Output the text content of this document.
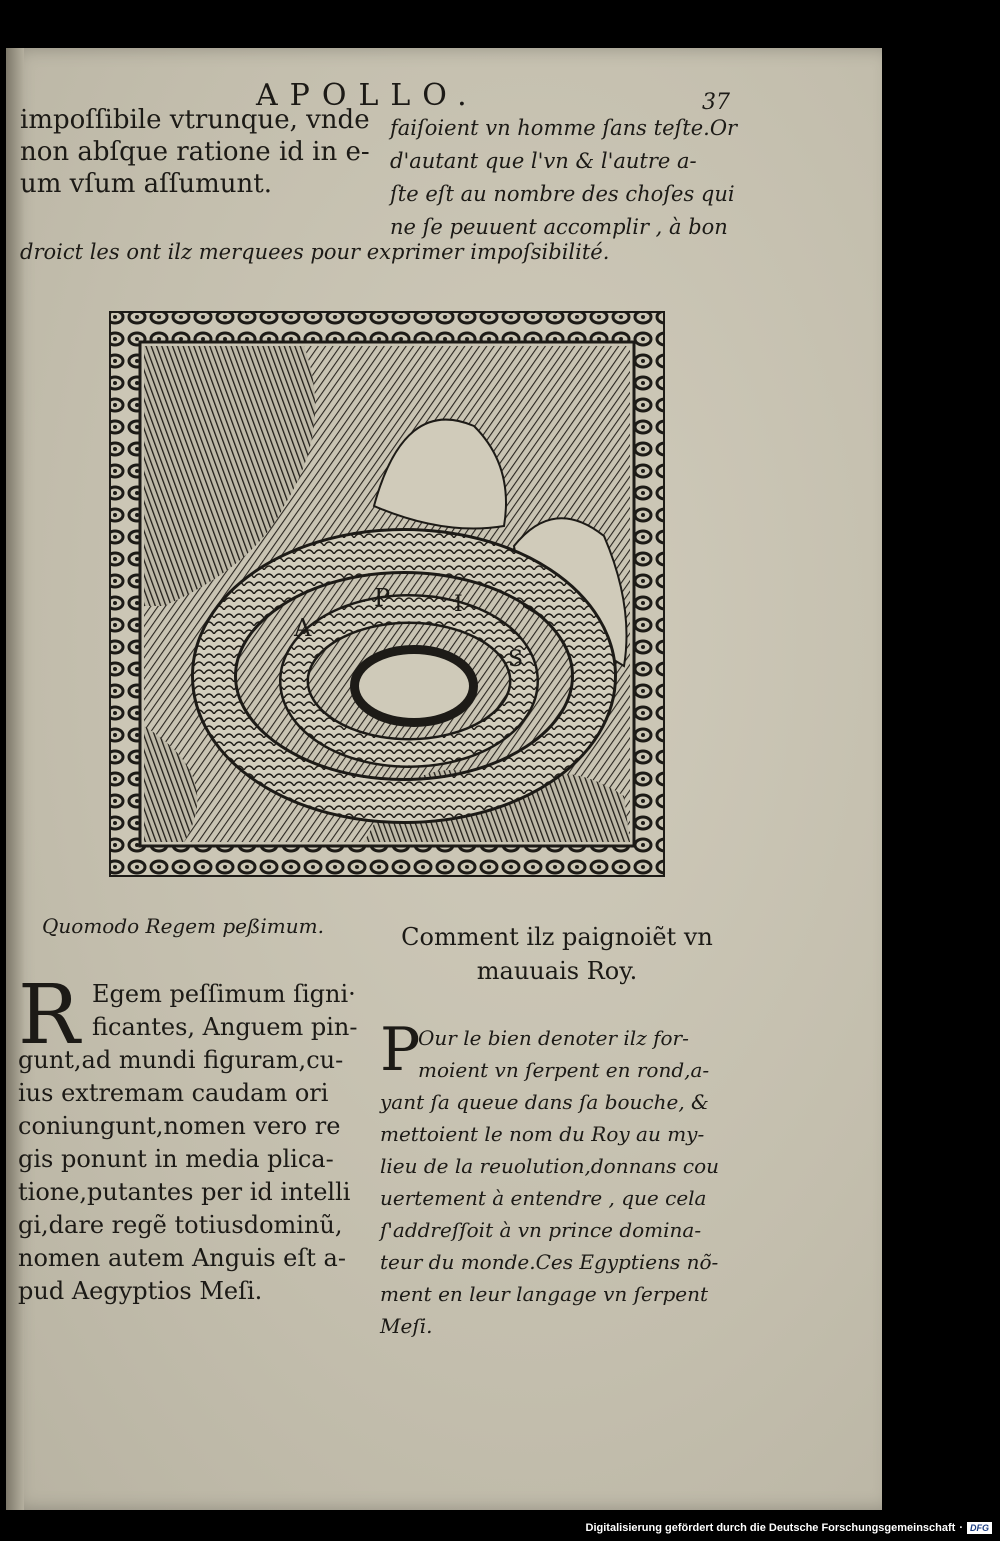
APOLLO.	37
impoſſibile vtrunque, vnde
non abſque ratione id in e-
um vſum aſſumunt.
faiſoient vn homme ſans teſte.Or
d'autant que l'vn & l'autre a-
ſte eſt au nombre des choſes qui
ne ſe peuuent accomplir , à bon
droict les ont ilz merquees pour exprimer impoſsibilité.
A
P	I
S
Quomodo Regem peßimum.	Comment ilz paignoiẽt vn mauuais Roy.
R Egem peſſimum ſigni·
ficantes, Anguem pin-
gunt,ad mundi figuram,cu-
ius extremam caudam ori
coniungunt,nomen vero re
gis ponunt in media plica-
tione,putantes per id intelli
gi,dare regẽ totiusdominũ,
nomen autem Anguis eſt a-
pud Aegyptios Meſi.
P
Our le bien denoter ilz for-
moient vn ſerpent en rond,a-
yant ſa queue dans ſa bouche, &
mettoient le nom du Roy au my-
lieu de la reuolution,donnans cou
uertement à entendre , que cela
ſ'addreſſoit à vn prince domina-
teur du monde.Ces Egyptiens nõ-
ment en leur langage vn ſerpent
Meſi.
Digitalisierung gefördert durch die Deutsche Forschungsgemeinschaft · DFG
